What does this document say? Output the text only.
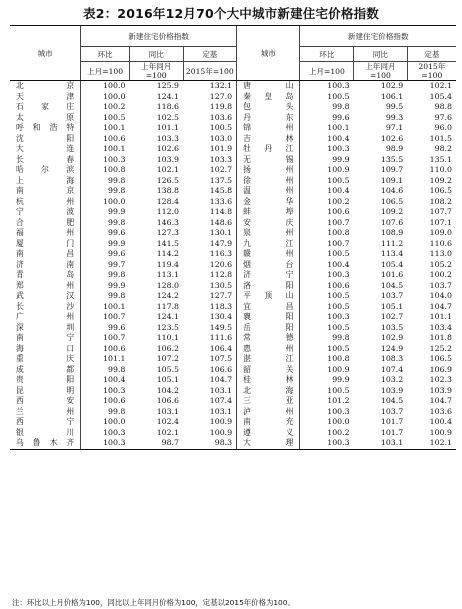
表2：2016年12月70个大中城市新建住宅价格指数
城市	新建住宅价格指数			城市	新建住宅价格指数		
	环比	同比	定基		环比	同比	定基
	上月=100	上年同月=100	2015年=100		上月=100	上年同月=100	2015年=100
北京	100.0	125.9	132.1	唐山	100.3	102.9	102.1
天津	100.0	124.1	127.0	秦皇岛	100.5	106.1	105.4
石家庄	100.2	118.6	119.8	包头	99.8	99.5	98.8
太原	100.5	102.5	103.6	丹东	99.6	99.3	97.6
呼和浩特	100.1	101.1	100.5	锦州	100.1	97.1	96.0
沈阳	100.6	103.3	103.0	吉林	100.4	102.6	101.5
大连	100.1	102.6	101.9	牡丹江	100.3	98.9	98.2
长春	100.3	103.9	103.3	无锡	99.9	135.5	135.1
哈尔滨	100.8	102.1	102.7	扬州	100.9	109.7	110.0
上海	99.8	126.5	137.5	徐州	100.5	109.1	109.2
南京	99.8	138.8	145.8	温州	100.4	104.6	106.5
杭州	100.0	128.4	133.6	金华	100.2	106.5	108.2
宁波	99.9	112.0	114.8	蚌埠	100.6	109.2	107.7
合肥	99.8	146.3	148.6	安庆	100.7	107.6	107.1
福州	99.6	127.3	130.1	泉州	100.8	108.9	109.0
厦门	99.9	141.5	147.9	九江	100.7	111.2	110.6
南昌	99.6	114.2	116.3	赣州	100.5	113.4	113.0
济南	99.7	119.4	120.6	烟台	100.4	105.4	105.2
青岛	99.8	113.1	112.8	济宁	100.3	101.6	100.2
郑州	99.9	128.0	130.5	洛阳	100.6	104.5	103.7
武汉	99.8	124.2	127.7	平顶山	100.5	103.7	104.0
长沙	100.1	117.8	118.3	宜昌	100.5	105.1	104.7
广州	100.7	124.1	130.4	襄阳	100.3	102.7	101.1
深圳	99.6	123.5	149.5	岳阳	100.5	103.5	103.4
南宁	100.7	110.1	111.6	常德	99.8	102.9	101.8
海口	100.6	106.2	106.4	惠州	100.5	124.9	125.2
重庆	101.1	107.2	107.5	湛江	100.8	108.3	106.5
成都	99.8	105.5	106.6	韶关	100.9	107.4	106.9
贵阳	100.4	105.1	104.7	桂林	99.9	103.2	102.3
昆明	100.3	104.2	103.1	北海	100.5	103.9	103.9
西安	100.6	106.6	107.4	三亚	101.2	104.5	104.7
兰州	99.8	103.1	103.1	泸州	100.3	103.7	103.6
西宁	100.0	102.4	100.9	南充	100.0	101.7	100.4
银川	100.3	102.1	100.9	遵义	100.2	101.7	100.9
乌鲁木齐	100.3	98.7	98.3	大理	100.3	103.1	102.1
注：环比以上月价格为100，同比以上年同月价格为100，定基以2015年价格为100。
